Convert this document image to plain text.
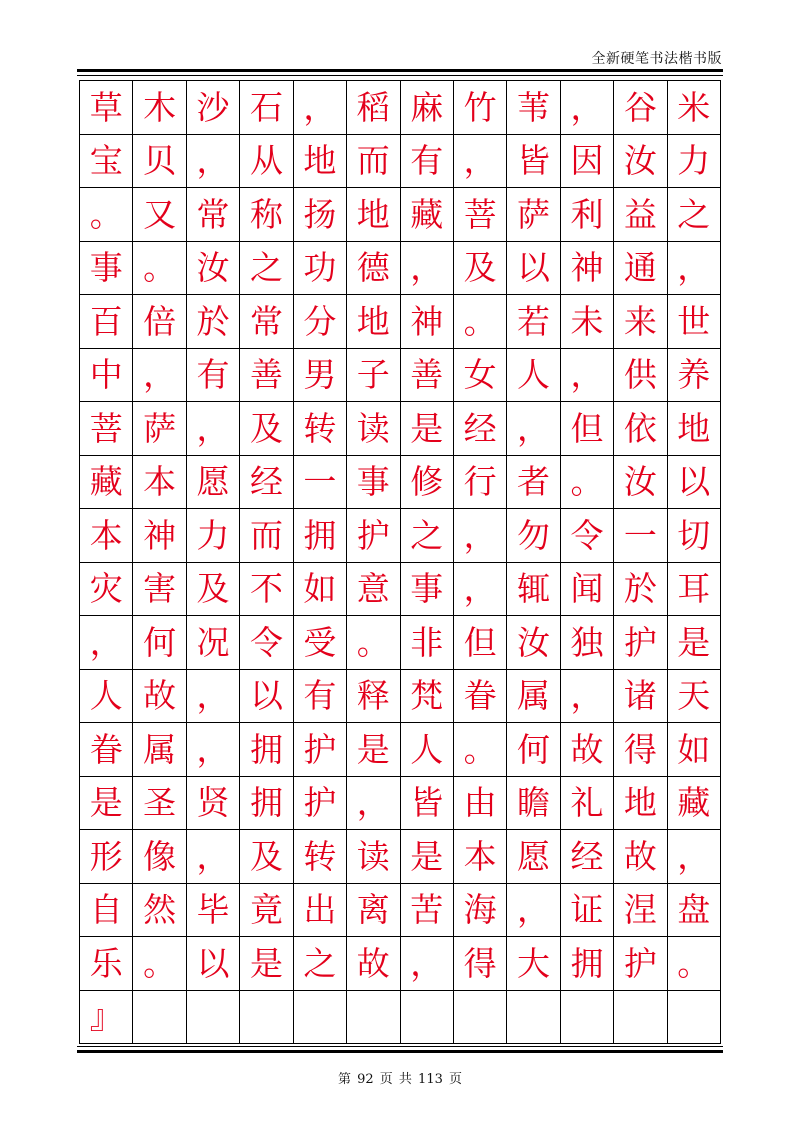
全新硬笔书法楷书版
草 木 沙 石 ， 稻 麻 竹 苇 ， 谷 米
宝 贝 ， 从 地 而 有 ， 皆 因 汝 力
。 又 常 称 扬 地 藏 菩 萨 利 益 之
事 。 汝 之 功 德 ， 及 以 神 通 ，
百 倍 於 常 分 地 神 。 若 未 来 世
中 ， 有 善 男 子 善 女 人 ， 供 养
菩 萨 ， 及 转 读 是 经 ， 但 依 地
藏 本 愿 经 一 事 修 行 者 。 汝 以
本 神 力 而 拥 护 之 ， 勿 令 一 切
灾 害 及 不 如 意 事 ， 辄 闻 於 耳
， 何 况 令 受 。 非 但 汝 独 护 是
人 故 ， 以 有 释 梵 眷 属 ， 诸 天
眷 属 ， 拥 护 是 人 。 何 故 得 如
是 圣 贤 拥 护 ， 皆 由 瞻 礼 地 藏
形 像 ， 及 转 读 是 本 愿 经 故 ，
自 然 毕 竟 出 离 苦 海 ， 证 涅 盘
乐 。 以 是 之 故 ， 得 大 拥 护 。
』
第 92 页 共 113 页
